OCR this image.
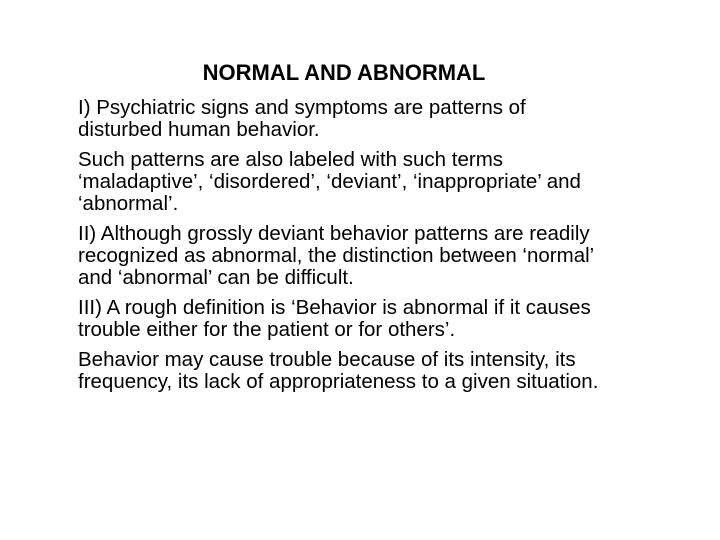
NORMAL AND ABNORMAL
I) Psychiatric signs and symptoms are patterns of
disturbed human behavior.
Such patterns are also labeled with such terms
‘maladaptive’, ‘disordered’, ‘deviant’, ‘inappropriate’ and
‘abnormal’.
II) Although grossly deviant behavior patterns are readily
recognized as abnormal, the distinction between ‘normal’
and ‘abnormal’ can be difficult.
III) A rough definition is ‘Behavior is abnormal if it causes
trouble either for the patient or for others’.
Behavior may cause trouble because of its intensity, its
frequency, its lack of appropriateness to a given situation.
